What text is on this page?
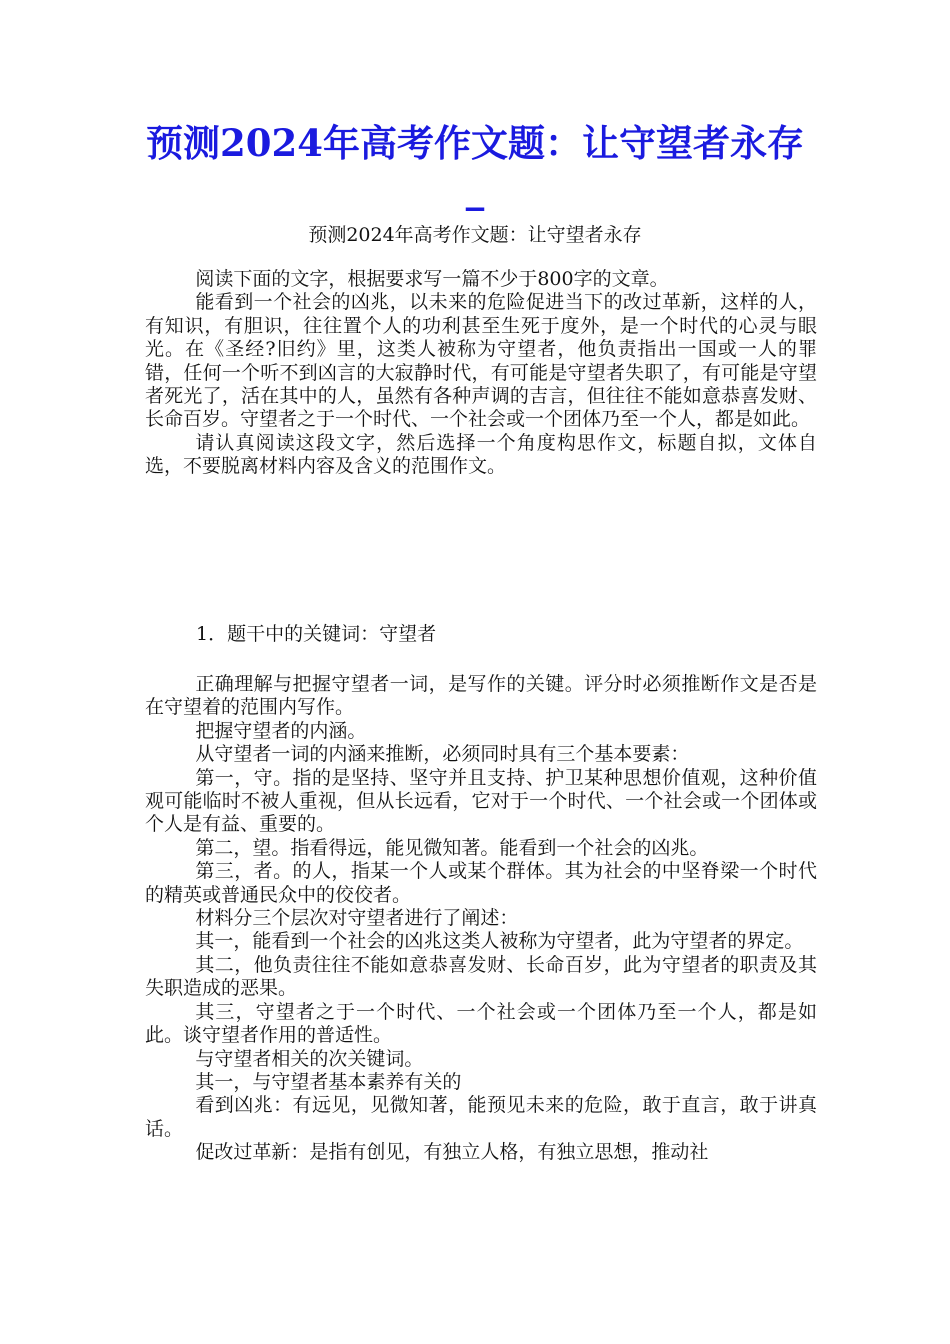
预测2024年高考作文题：让守望者永存_

预测2024年高考作文题：让守望者永存

阅读下面的文字，根据要求写一篇不少于800字的文章。

能看到一个社会的凶兆，以未来的危险促进当下的改过革新，这样的人，有知识，有胆识，往往置个人的功利甚至生死于度外，是一个时代的心灵与眼光。在《圣经?旧约》里，这类人被称为守望者，他负责指出一国或一人的罪错，任何一个听不到凶言的大寂静时代，有可能是守望者失职了，有可能是守望者死光了，活在其中的人，虽然有各种声调的吉言，但往往不能如意恭喜发财、长命百岁。守望者之于一个时代、一个社会或一个团体乃至一个人，都是如此。

请认真阅读这段文字，然后选择一个角度构思作文，标题自拟，文体自选，不要脱离材料内容及含义的范围作文。

1．题干中的关键词：守望者

正确理解与把握守望者一词，是写作的关键。评分时必须推断作文是否是在守望着的范围内写作。

把握守望者的内涵。

从守望者一词的内涵来推断，必须同时具有三个基本要素：

第一，守。指的是坚持、坚守并且支持、护卫某种思想价值观，这种价值观可能临时不被人重视，但从长远看，它对于一个时代、一个社会或一个团体或个人是有益、重要的。

第二，望。指看得远，能见微知著。能看到一个社会的凶兆。

第三，者。的人，指某一个人或某个群体。其为社会的中坚脊梁一个时代的精英或普通民众中的佼佼者。

材料分三个层次对守望者进行了阐述：

其一，能看到一个社会的凶兆这类人被称为守望者，此为守望者的界定。

其二，他负责往往不能如意恭喜发财、长命百岁，此为守望者的职责及其失职造成的恶果。

其三，守望者之于一个时代、一个社会或一个团体乃至一个人，都是如此。谈守望者作用的普适性。

与守望者相关的次关键词。

其一，与守望者基本素养有关的

看到凶兆：有远见，见微知著，能预见未来的危险，敢于直言，敢于讲真话。

促改过革新：是指有创见，有独立人格，有独立思想，推动社
